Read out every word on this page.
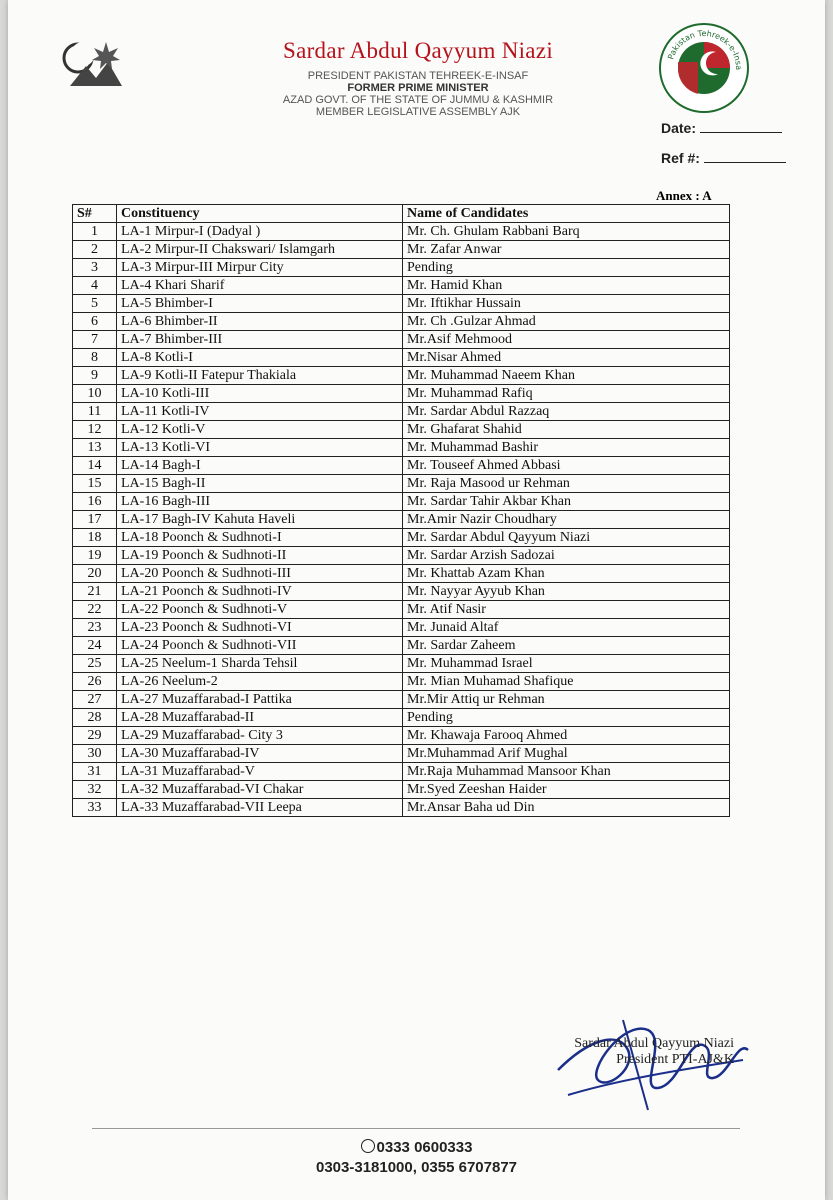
Sardar Abdul Qayyum Niazi
PRESIDENT PAKISTAN TEHREEK-E-INSAF
FORMER PRIME MINISTER
AZAD GOVT. OF THE STATE OF JUMMU & KASHMIR
MEMBER LEGISLATIVE ASSEMBLY AJK
Pakistan Tehreek-e-Insa
Date:
Ref #:
Annex : A
S#	Constituency	Name of Candidates
1	LA-1 Mirpur-I (Dadyal )	Mr. Ch. Ghulam Rabbani Barq
2	LA-2 Mirpur-II Chakswari/ Islamgarh	Mr. Zafar Anwar
3	LA-3 Mirpur-III Mirpur City	Pending
4	LA-4 Khari Sharif	Mr. Hamid Khan
5	LA-5 Bhimber-I	Mr. Iftikhar Hussain
6	LA-6 Bhimber-II	Mr. Ch .Gulzar Ahmad
7	LA-7 Bhimber-III	Mr.Asif Mehmood
8	LA-8 Kotli-I	Mr.Nisar Ahmed
9	LA-9 Kotli-II Fatepur Thakiala	Mr. Muhammad Naeem Khan
10	LA-10 Kotli-III	Mr. Muhammad Rafiq
11	LA-11 Kotli-IV	Mr. Sardar Abdul Razzaq
12	LA-12 Kotli-V	Mr. Ghafarat Shahid
13	LA-13 Kotli-VI	Mr. Muhammad Bashir
14	LA-14 Bagh-I	Mr. Touseef Ahmed Abbasi
15	LA-15 Bagh-II	Mr. Raja Masood ur Rehman
16	LA-16 Bagh-III	Mr. Sardar Tahir Akbar Khan
17	LA-17 Bagh-IV Kahuta Haveli	Mr.Amir Nazir Choudhary
18	LA-18 Poonch & Sudhnoti-I	Mr. Sardar Abdul Qayyum Niazi
19	LA-19 Poonch & Sudhnoti-II	Mr. Sardar Arzish Sadozai
20	LA-20 Poonch & Sudhnoti-III	Mr. Khattab Azam Khan
21	LA-21 Poonch & Sudhnoti-IV	Mr. Nayyar Ayyub Khan
22	LA-22 Poonch & Sudhnoti-V	Mr. Atif Nasir
23	LA-23 Poonch & Sudhnoti-VI	Mr. Junaid Altaf
24	LA-24 Poonch & Sudhnoti-VII	Mr. Sardar Zaheem
25	LA-25 Neelum-1 Sharda Tehsil	Mr. Muhammad Israel
26	LA-26 Neelum-2	Mr. Mian Muhamad Shafique
27	LA-27 Muzaffarabad-I Pattika	Mr.Mir Attiq ur Rehman
28	LA-28 Muzaffarabad-II	Pending
29	LA-29 Muzaffarabad- City 3	Mr. Khawaja Farooq Ahmed
30	LA-30 Muzaffarabad-IV	Mr.Muhammad Arif Mughal
31	LA-31 Muzaffarabad-V	Mr.Raja Muhammad Mansoor Khan
32	LA-32 Muzaffarabad-VI Chakar	Mr.Syed Zeeshan Haider
33	LA-33 Muzaffarabad-VII Leepa	Mr.Ansar Baha ud Din
Sardar Abdul Qayyum Niazi
President PTI-AJ&K
0333 0600333
0303-3181000, 0355 6707877
